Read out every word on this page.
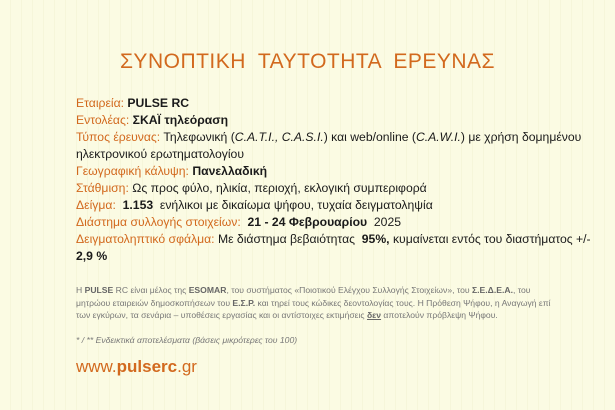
ΣΥΝΟΠΤΙΚΗ ΤΑΥΤΟΤΗΤΑ ΕΡΕΥΝΑΣ
Εταιρεία: PULSE RC
Εντολέας: ΣΚΑΪ τηλεόραση
Τύπος έρευνας: Τηλεφωνική (C.A.T.I., C.A.S.I.) και web/online (C.A.W.I.) με χρήση δομημένου ηλεκτρονικού ερωτηματολογίου
Γεωγραφική κάλυψη: Πανελλαδική
Στάθμιση: Ως προς φύλο, ηλικία, περιοχή, εκλογική συμπεριφορά
Δείγμα: 1.153 ενήλικοι με δικαίωμα ψήφου, τυχαία δειγματοληψία
Διάστημα συλλογής στοιχείων: 21 - 24 Φεβρουαρίου 2025
Δειγματοληπτικό σφάλμα: Με διάστημα βεβαιότητας 95%, κυμαίνεται εντός του διαστήματος +/-  2,9 %
Η PULSE RC είναι μέλος της ESOMAR, του συστήματος «Ποιοτικού Ελέγχου Συλλογής Στοιχείων», του Σ.Ε.Δ.Ε.Α., του μητρώου εταιρειών δημοσκοπήσεων του Ε.Σ.Ρ. και τηρεί τους κώδικες δεοντολογίας τους. Η Πρόθεση Ψήφου, η Αναγωγή επί των εγκύρων, τα σενάρια – υποθέσεις εργασίας και οι αντίστοιχες εκτιμήσεις δεν αποτελούν πρόβλεψη Ψήφου.
* / ** Ενδεικτικά αποτελέσματα (βάσεις μικρότερες του 100)
www.pulserc.gr
